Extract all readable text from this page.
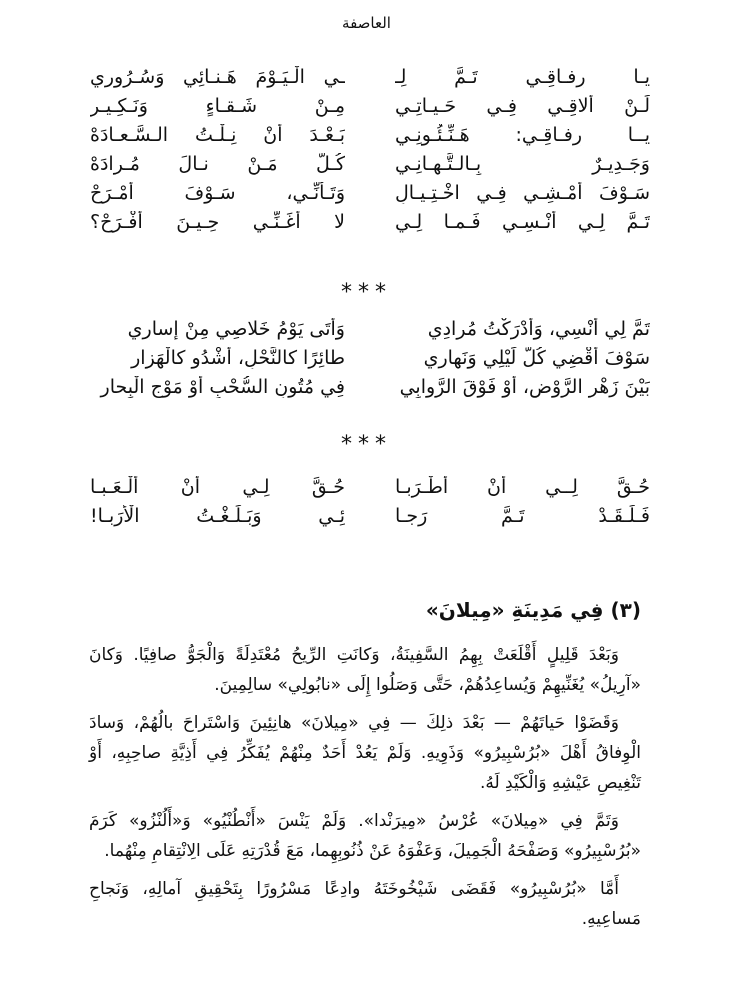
العاصفة
يـا رِفـاقِـي تَـمَّ لِـ
ـي الْـيَـوْمَ هَـنـائِي وَسُـرُورِي
لَـنْ أُلاقِـي فِـي حَـيـاتِـي
مِـنْ شَـقـاءٍ وَنَـكِـيـرِ
يــا رِفـاقِـي: هَـنِّـئُـونِـي
بَـعْـدَ أَنْ نِـلْـتُ الـسَّـعـادَهْ
وَجَـدِيـرٌ بِـالـتَّـهـانِـي
كُـلُّ مَـنْ نـالَ مُـرادَهْ
سَـوْفَ أَمْـشِـي فِـي اخْـتِـيـالِ
وَتَـأَنِّـي، سَـوْفَ أَمْـرَحْ
تَـمَّ لِـي أُنْـسِـي فَـمـا لِـي
لا أُغَـنِّـي حِـيـنَ أَفْـرَحْ؟
***
تَمَّ لِي أُنْسِي، وَأَدْرَكْتُ مُرادِي
وَأَتَى يَوْمُ خَلاصِي مِنْ إِسارِي
سَوْفَ أَقْضِي كُلَّ لَيْلِي وَنَهارِي
طائِرًا كالنَّحْلِ، أَشْدُو كالْهَزارِ
بَيْنَ زَهْرِ الرَّوْضِ، أَوْ فَوْقَ الرَّوابِي
فِي مُتُونِ السُّحْبِ أَوْ مَوْجِ الْبِحارِ
***
حُـقَّ لِــي أَنْ أَطْـرَبـا
حُـقَّ لِـي أَنْ أَلْـعَـبـا
فَـلَـقَـدْ تَـمَّ رَجـا
ئِـي وَبَـلَـغْـتُ الْأَرَبـا!
(٣) فِي مَدِينَةِ «مِيلانَ»

وَبَعْدَ قَلِيلٍ أَقْلَعَتْ بِهِمُ السَّفِينَةُ، وَكانَتِ الرِّيحُ مُعْتَدِلَةً وَالْجَوُّ صافِيًا. وَكانَ «آرِيلُ» يُغَنِّيهِمْ وَيُساعِدُهُمْ، حَتَّى وَصَلُوا إِلَى «نابُولِي» سالِمِينَ.

وَقَضَوْا حَياتَهُمْ — بَعْدَ ذلِكَ — فِي «مِيلانَ» هانِئِينَ وَاسْتَراحَ بالُهُمْ، وَسادَ الْوِفاقُ أَهْلَ «بُرُسْبِيرُو» وَذَوِيهِ. وَلَمْ يَعُدْ أَحَدٌ مِنْهُمْ يُفَكِّرُ فِي أَذِيَّةِ صاحِبِهِ، أَوْ تَنْغِيصِ عَيْشِهِ وَالْكَيْدِ لَهُ.

وَتَمَّ فِي «مِيلانَ» عُرْسُ «مِيرَنْدا». وَلَمْ يَنْسَ «أَنْطُنْيُو» وَ«أَلُنْزُو» كَرَمَ «بُرُسْبِيرُو» وَصَفْحَهُ الْجَمِيلَ، وَعَفْوَهُ عَنْ ذُنُوبِهِما، مَعَ قُدْرَتِهِ عَلَى الِانْتِقامِ مِنْهُما.

أَمَّا «بُرُسْبِيرُو» فَقَضَى شَيْخُوخَتَهُ وادِعًا مَسْرُورًا بِتَحْقِيقِ آمالِهِ، وَنَجاحِ مَساعِيهِ.
